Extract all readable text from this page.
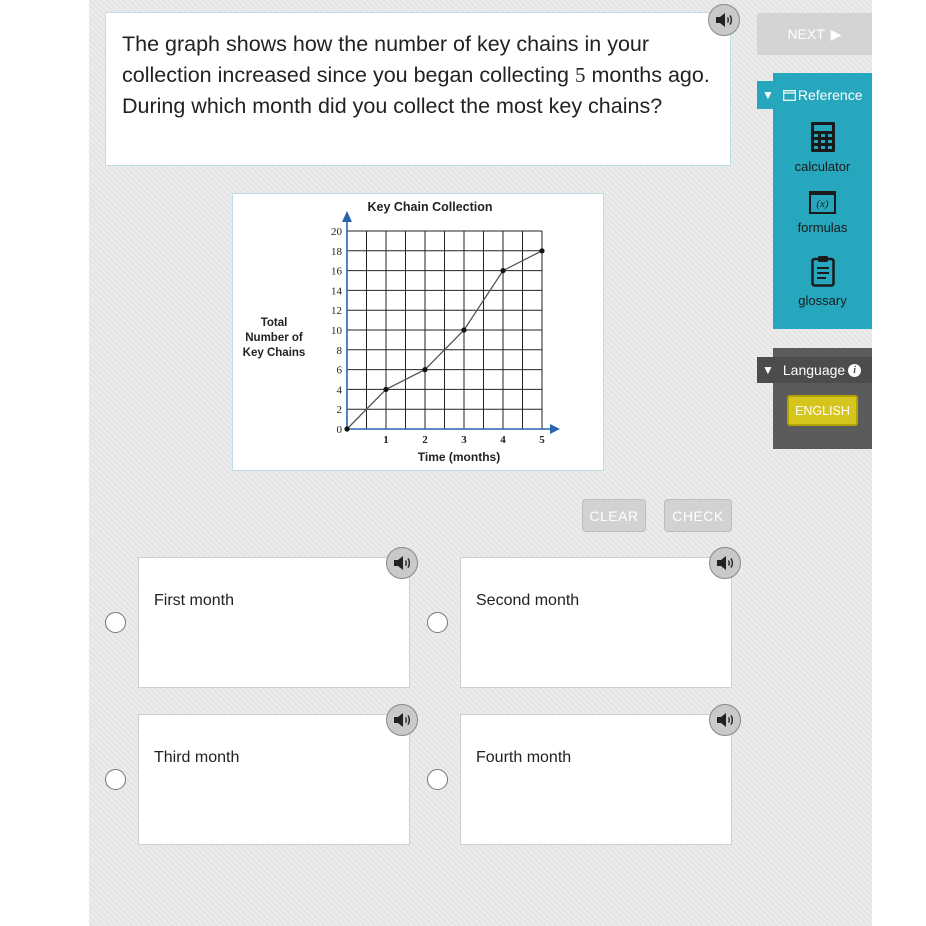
The graph shows how the number of key chains in your collection increased since you began collecting 5 months ago. During which month did you collect the most key chains?

Key Chain Collection
Time (months)
Total
Number of
Key Chains
0
2
4
6
8
10
12
14
16
18
20
1	2	3	4	5
CLEAR CHECK
First month	Second month
Third month	Fourth month
NEXT ▶
▼ Reference
calculator
(x)
formulas
glossary
▼ Language i
ENGLISH
